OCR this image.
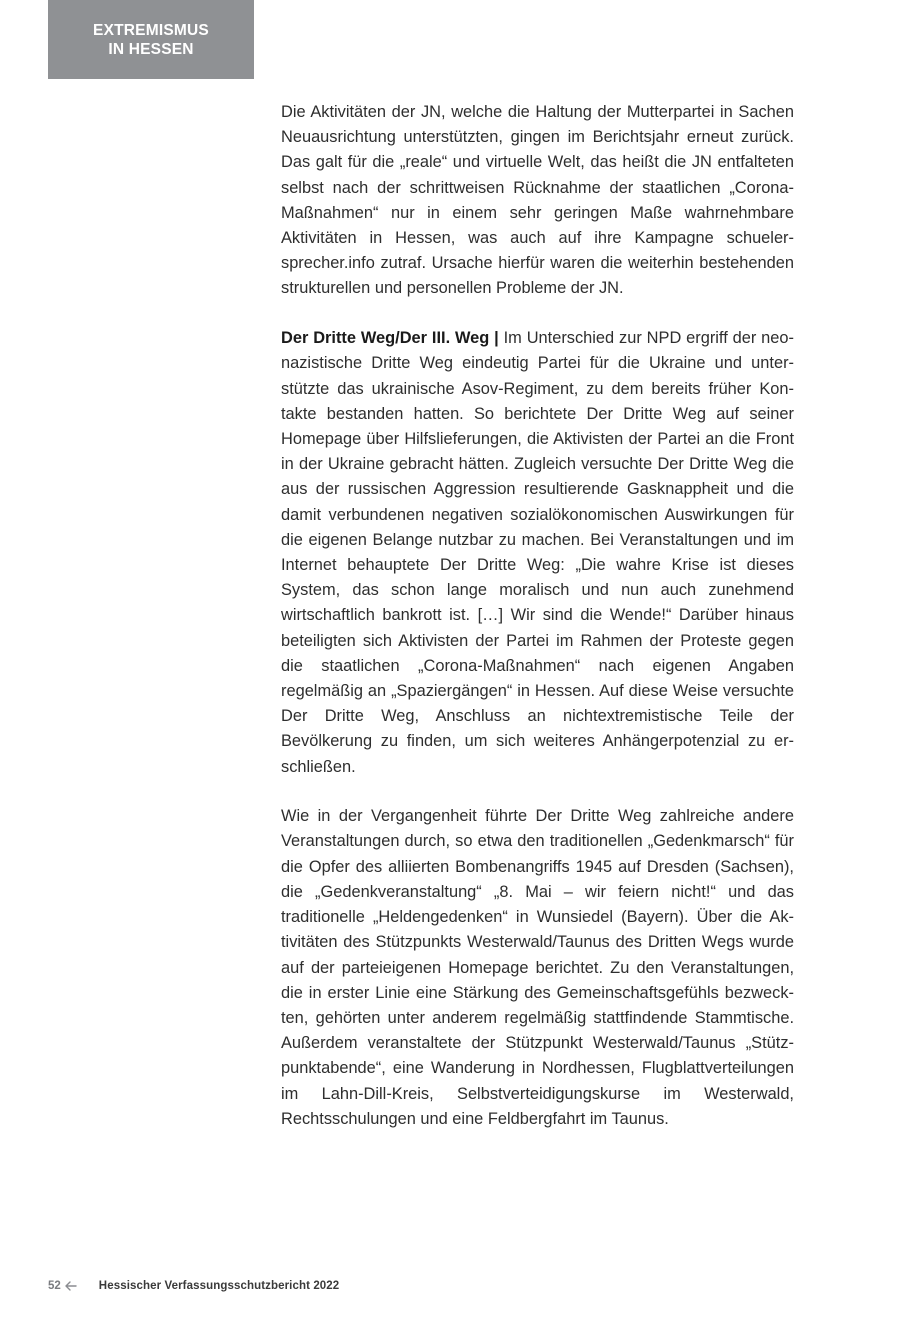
EXTREMISMUS
IN HESSEN

Die Aktivitäten der JN, welche die Haltung der Mutterpartei in Sachen Neuausrichtung unterstützten, gingen im Berichtsjahr erneut zurück. Das galt für die „reale“ und virtuelle Welt, das heißt die JN entfalteten selbst nach der schrittweisen Rücknahme der staatlichen „Corona-Maßnahmen“ nur in einem sehr geringen Maße wahrnehmbare Aktivitäten in Hessen, was auch auf ihre Kampagne schuelersprecher.info zutraf. Ursache hierfür waren die weiterhin bestehenden strukturellen und personellen Probleme der JN.

Der Dritte Weg/Der III. Weg | Im Unterschied zur NPD ergriff der neonazistische Dritte Weg eindeutig Partei für die Ukraine und unterstützte das ukrainische Asov-Regiment, zu dem bereits früher Kontakte bestanden hatten. So berichtete Der Dritte Weg auf seiner Homepage über Hilfslieferungen, die Aktivisten der Partei an die Front in der Ukraine gebracht hätten. Zugleich versuchte Der Dritte Weg die aus der russischen Aggression resultierende Gasknappheit und die damit verbundenen negativen sozialökonomischen Auswirkungen für die eigenen Belange nutzbar zu machen. Bei Veranstaltungen und im Internet behauptete Der Dritte Weg: „Die wahre Krise ist dieses System, das schon lange moralisch und nun auch zunehmend wirtschaftlich bankrott ist. […] Wir sind die Wende!“ Darüber hinaus beteiligten sich Aktivisten der Partei im Rahmen der Proteste gegen die staatlichen „Corona-Maßnahmen“ nach eigenen Angaben regelmäßig an „Spaziergängen“ in Hessen. Auf diese Weise versuchte Der Dritte Weg, Anschluss an nichtextremistische Teile der Bevölkerung zu finden, um sich weiteres Anhängerpotenzial zu erschließen.

Wie in der Vergangenheit führte Der Dritte Weg zahlreiche andere Veranstaltungen durch, so etwa den traditionellen „Gedenkmarsch“ für die Opfer des alliierten Bombenangriffs 1945 auf Dresden (Sachsen), die „Gedenkveranstaltung“ „8. Mai – wir feiern nicht!“ und das traditionelle „Heldengedenken“ in Wunsiedel (Bayern). Über die Aktivitäten des Stützpunkts Westerwald/Taunus des Dritten Wegs wurde auf der parteieigenen Homepage berichtet. Zu den Veranstaltungen, die in erster Linie eine Stärkung des Gemeinschaftsgefühls bezweckten, gehörten unter anderem regelmäßig stattfindende Stammtische. Außerdem veranstaltete der Stützpunkt Westerwald/Taunus „Stützpunktabende“, eine Wanderung in Nordhessen, Flugblattverteilungen im Lahn-Dill-Kreis, Selbstverteidigungskurse im Westerwald, Rechtsschulungen und eine Feldbergfahrt im Taunus.

52	Hessischer Verfassungsschutzbericht 2022
